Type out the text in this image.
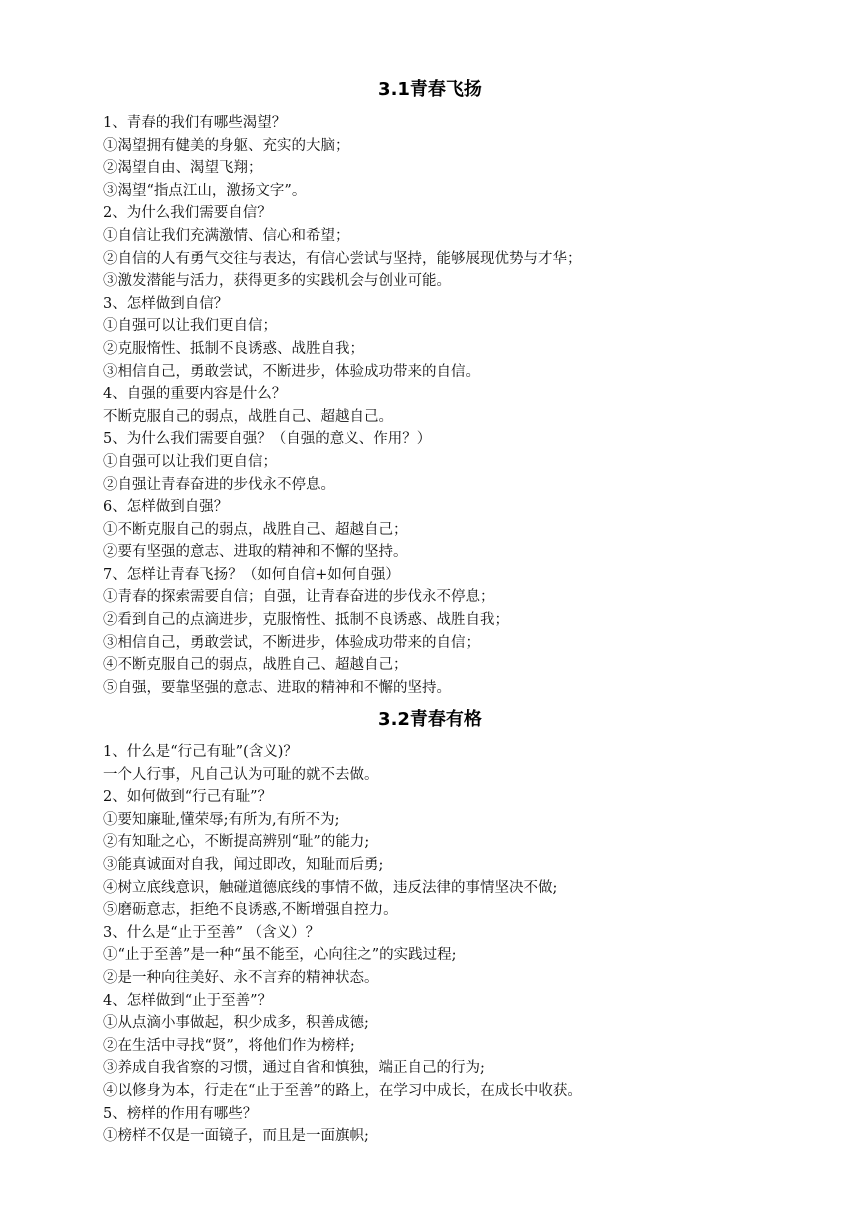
3.1青春飞扬
1、青春的我们有哪些渴望？
①渴望拥有健美的身躯、充实的大脑；
②渴望自由、渴望飞翔；
③渴望“指点江山，激扬文字”。
2、为什么我们需要自信？
①自信让我们充满激情、信心和希望；
②自信的人有勇气交往与表达，有信心尝试与坚持，能够展现优势与才华；
③激发潜能与活力，获得更多的实践机会与创业可能。
3、怎样做到自信？
①自强可以让我们更自信；
②克服惰性、抵制不良诱惑、战胜自我；
③相信自己，勇敢尝试，不断进步，体验成功带来的自信。
4、自强的重要内容是什么？
不断克服自己的弱点，战胜自己、超越自己。
5、为什么我们需要自强？（自强的意义、作用？）
①自强可以让我们更自信；
②自强让青春奋进的步伐永不停息。
6、怎样做到自强？
①不断克服自己的弱点，战胜自己、超越自己；
②要有坚强的意志、进取的精神和不懈的坚持。
7、怎样让青春飞扬？（如何自信+如何自强）
①青春的探索需要自信；自强，让青春奋进的步伐永不停息；
②看到自己的点滴进步，克服惰性、抵制不良诱惑、战胜自我；
③相信自己，勇敢尝试，不断进步，体验成功带来的自信；
④不断克服自己的弱点，战胜自己、超越自己；
⑤自强，要靠坚强的意志、进取的精神和不懈的坚持。
3.2青春有格
1、什么是“行己有耻”(含义)？
一个人行事，凡自己认为可耻的就不去做。
2、如何做到“行己有耻”？
①要知廉耻,懂荣辱;有所为,有所不为;
②有知耻之心，不断提高辨别“耻”的能力;
③能真诚面对自我，闻过即改，知耻而后勇;
④树立底线意识，触碰道德底线的事情不做，违反法律的事情坚决不做;
⑤磨砺意志，拒绝不良诱惑,不断增强自控力。
3、什么是“止于至善” （含义）？
①“止于至善”是一种“虽不能至，心向往之”的实践过程;
②是一种向往美好、永不言弃的精神状态。
4、怎样做到“止于至善”？
①从点滴小事做起，积少成多，积善成德;
②在生活中寻找“贤”，将他们作为榜样;
③养成自我省察的习惯，通过自省和慎独，端正自己的行为;
④以修身为本，行走在“止于至善”的路上，在学习中成长，在成长中收获。
5、榜样的作用有哪些？
①榜样不仅是一面镜子，而且是一面旗帜;
